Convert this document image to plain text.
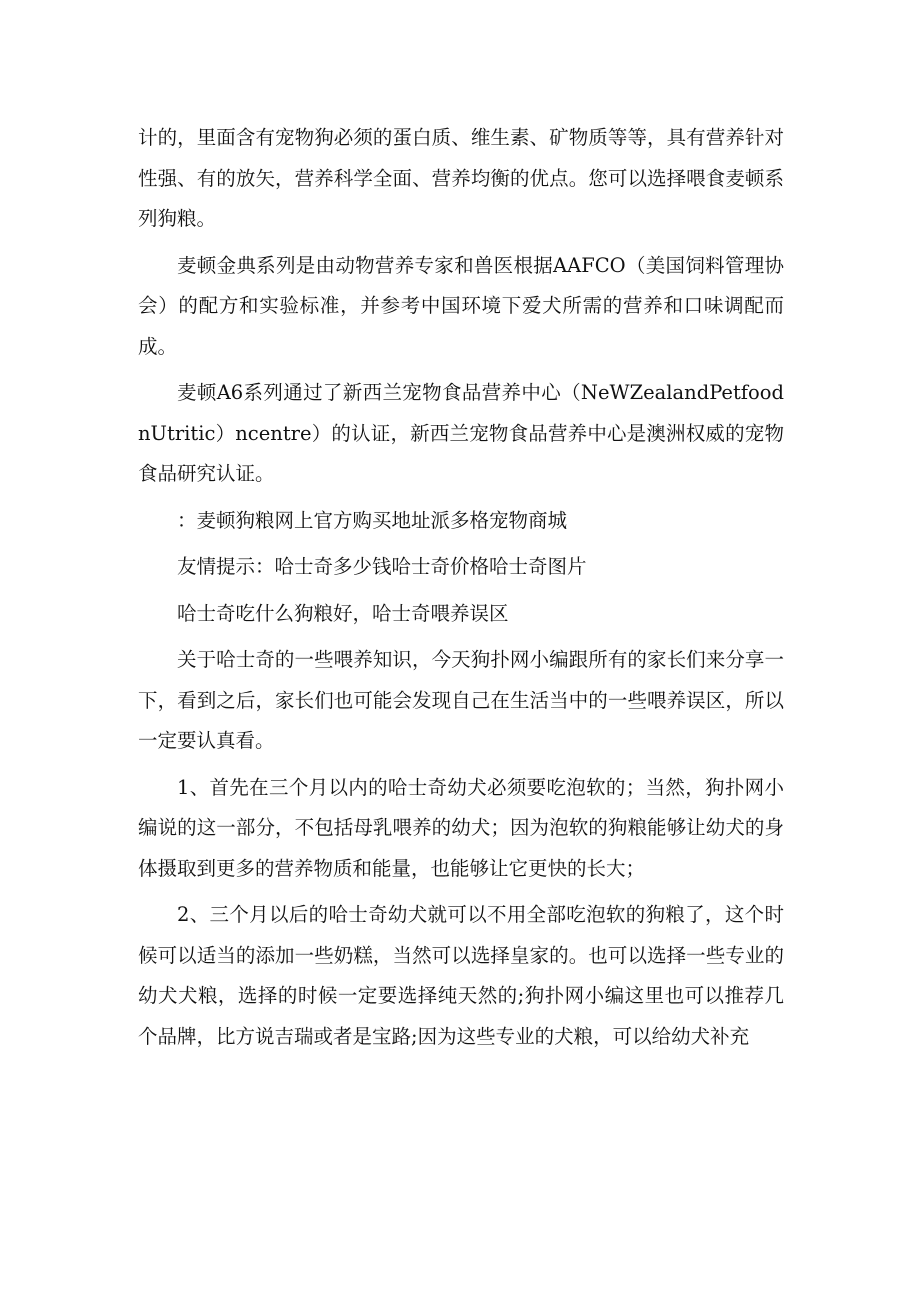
计的，里面含有宠物狗必须的蛋白质、维生素、矿物质等等，具有营养针对性强、有的放矢，营养科学全面、营养均衡的优点。您可以选择喂食麦顿系列狗粮。

麦顿金典系列是由动物营养专家和兽医根据AAFCO（美国饲料管理协会）的配方和实验标准，并参考中国环境下爱犬所需的营养和口味调配而成。

麦顿A6系列通过了新西兰宠物食品营养中心（NeWZealandPetfoodnUtritic）ncentre）的认证，新西兰宠物食品营养中心是澳洲权威的宠物食品研究认证。

：麦顿狗粮网上官方购买地址派多格宠物商城

友情提示：哈士奇多少钱哈士奇价格哈士奇图片

哈士奇吃什么狗粮好，哈士奇喂养误区

关于哈士奇的一些喂养知识，今天狗扑网小编跟所有的家长们来分享一下，看到之后，家长们也可能会发现自己在生活当中的一些喂养误区，所以一定要认真看。

1、首先在三个月以内的哈士奇幼犬必须要吃泡软的；当然，狗扑网小编说的这一部分，不包括母乳喂养的幼犬；因为泡软的狗粮能够让幼犬的身体摄取到更多的营养物质和能量，也能够让它更快的长大；

2、三个月以后的哈士奇幼犬就可以不用全部吃泡软的狗粮了，这个时候可以适当的添加一些奶糕，当然可以选择皇家的。也可以选择一些专业的幼犬犬粮，选择的时候一定要选择纯天然的;狗扑网小编这里也可以推荐几个品牌，比方说吉瑞或者是宝路;因为这些专业的犬粮，可以给幼犬补充
